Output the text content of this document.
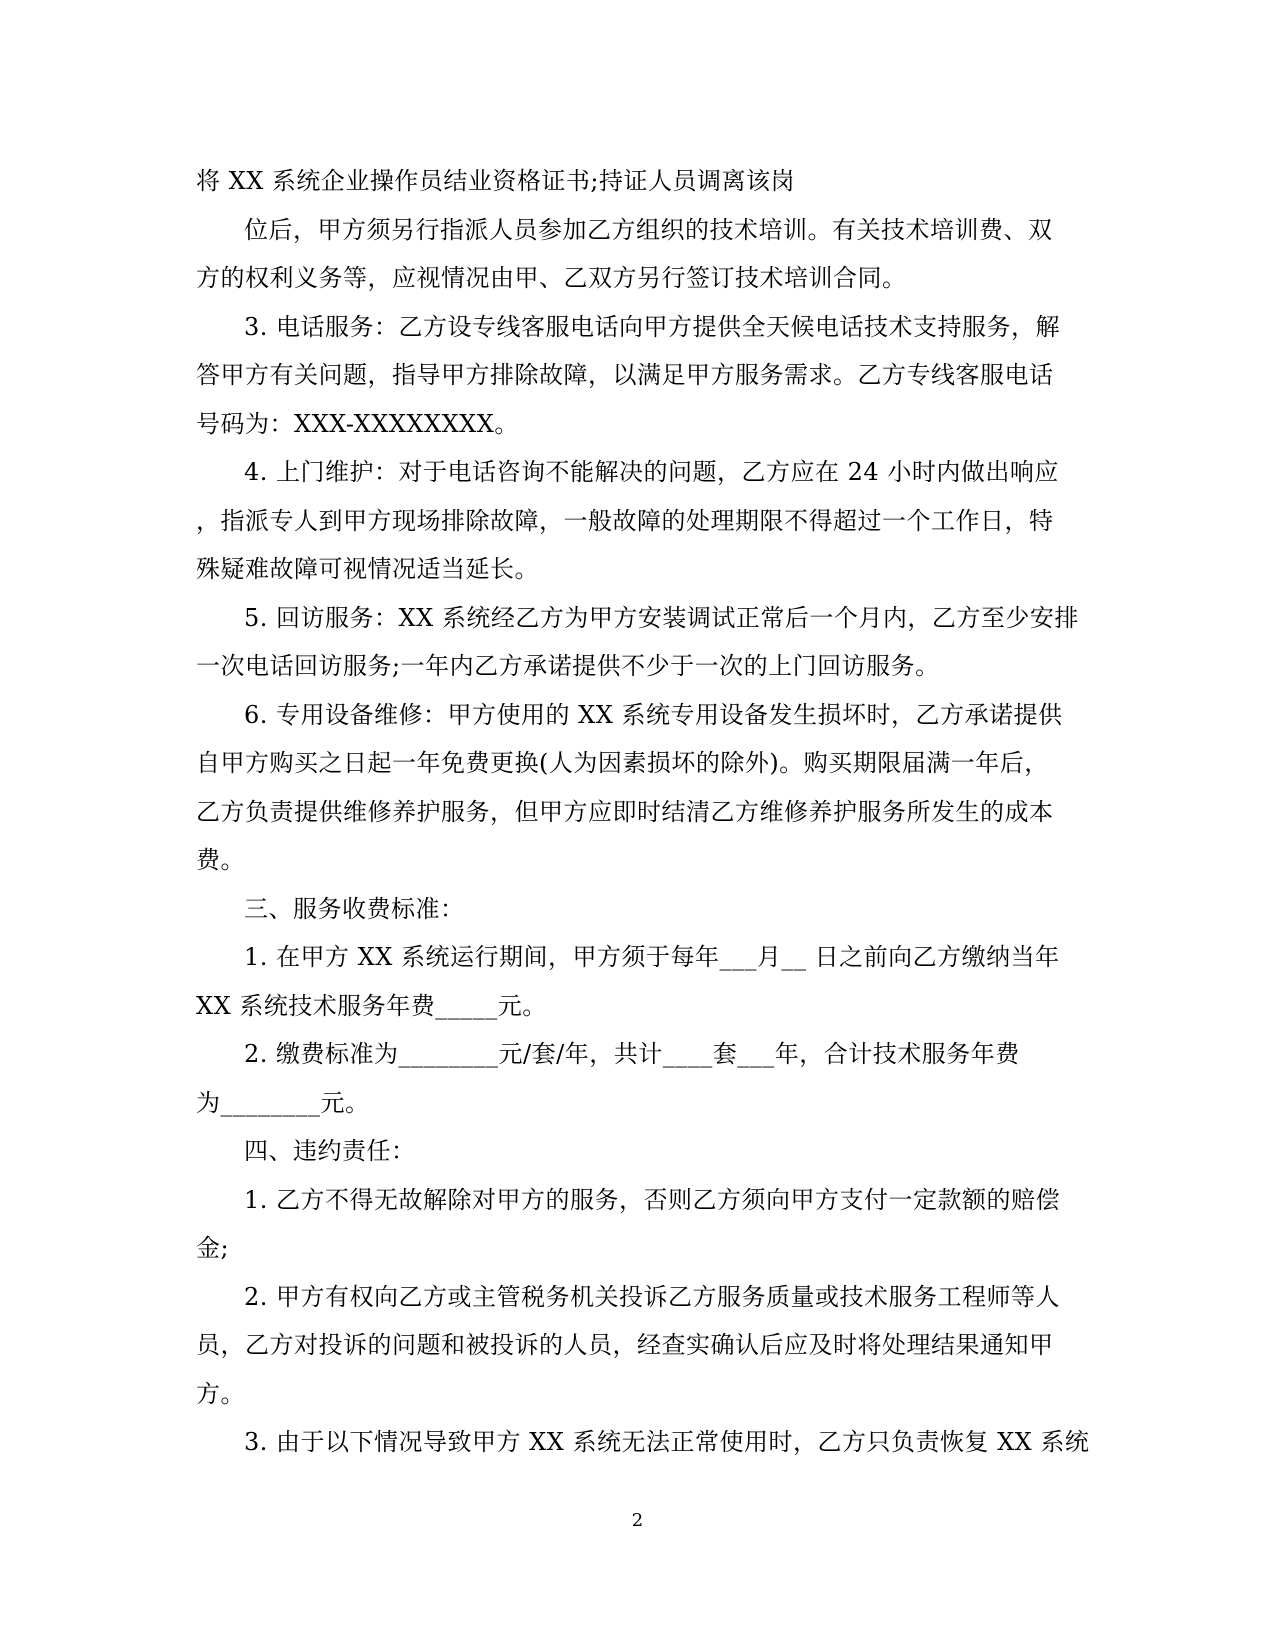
将 XX 系统企业操作员结业资格证书;持证人员调离该岗
位后，甲方须另行指派人员参加乙方组织的技术培训。有关技术培训费、双
方的权利义务等，应视情况由甲、乙双方另行签订技术培训合同。
3. 电话服务：乙方设专线客服电话向甲方提供全天候电话技术支持服务，解
答甲方有关问题，指导甲方排除故障，以满足甲方服务需求。乙方专线客服电话
号码为：XXX-XXXXXXXX。
4. 上门维护：对于电话咨询不能解决的问题，乙方应在 24 小时内做出响应
，指派专人到甲方现场排除故障，一般故障的处理期限不得超过一个工作日，特
殊疑难故障可视情况适当延长。
5. 回访服务：XX 系统经乙方为甲方安装调试正常后一个月内，乙方至少安排
一次电话回访服务;一年内乙方承诺提供不少于一次的上门回访服务。
6. 专用设备维修：甲方使用的 XX 系统专用设备发生损坏时，乙方承诺提供
自甲方购买之日起一年免费更换(人为因素损坏的除外)。购买期限届满一年后，
乙方负责提供维修养护服务，但甲方应即时结清乙方维修养护服务所发生的成本
费。
三、服务收费标准：
1. 在甲方 XX 系统运行期间，甲方须于每年___月__ 日之前向乙方缴纳当年
XX 系统技术服务年费_____元。
2. 缴费标准为________元/套/年，共计____套___年，合计技术服务年费
为________元。
四、违约责任：
1. 乙方不得无故解除对甲方的服务，否则乙方须向甲方支付一定款额的赔偿
金;
2. 甲方有权向乙方或主管税务机关投诉乙方服务质量或技术服务工程师等人
员，乙方对投诉的问题和被投诉的人员，经查实确认后应及时将处理结果通知甲
方。
3. 由于以下情况导致甲方 XX 系统无法正常使用时，乙方只负责恢复 XX 系统
2
